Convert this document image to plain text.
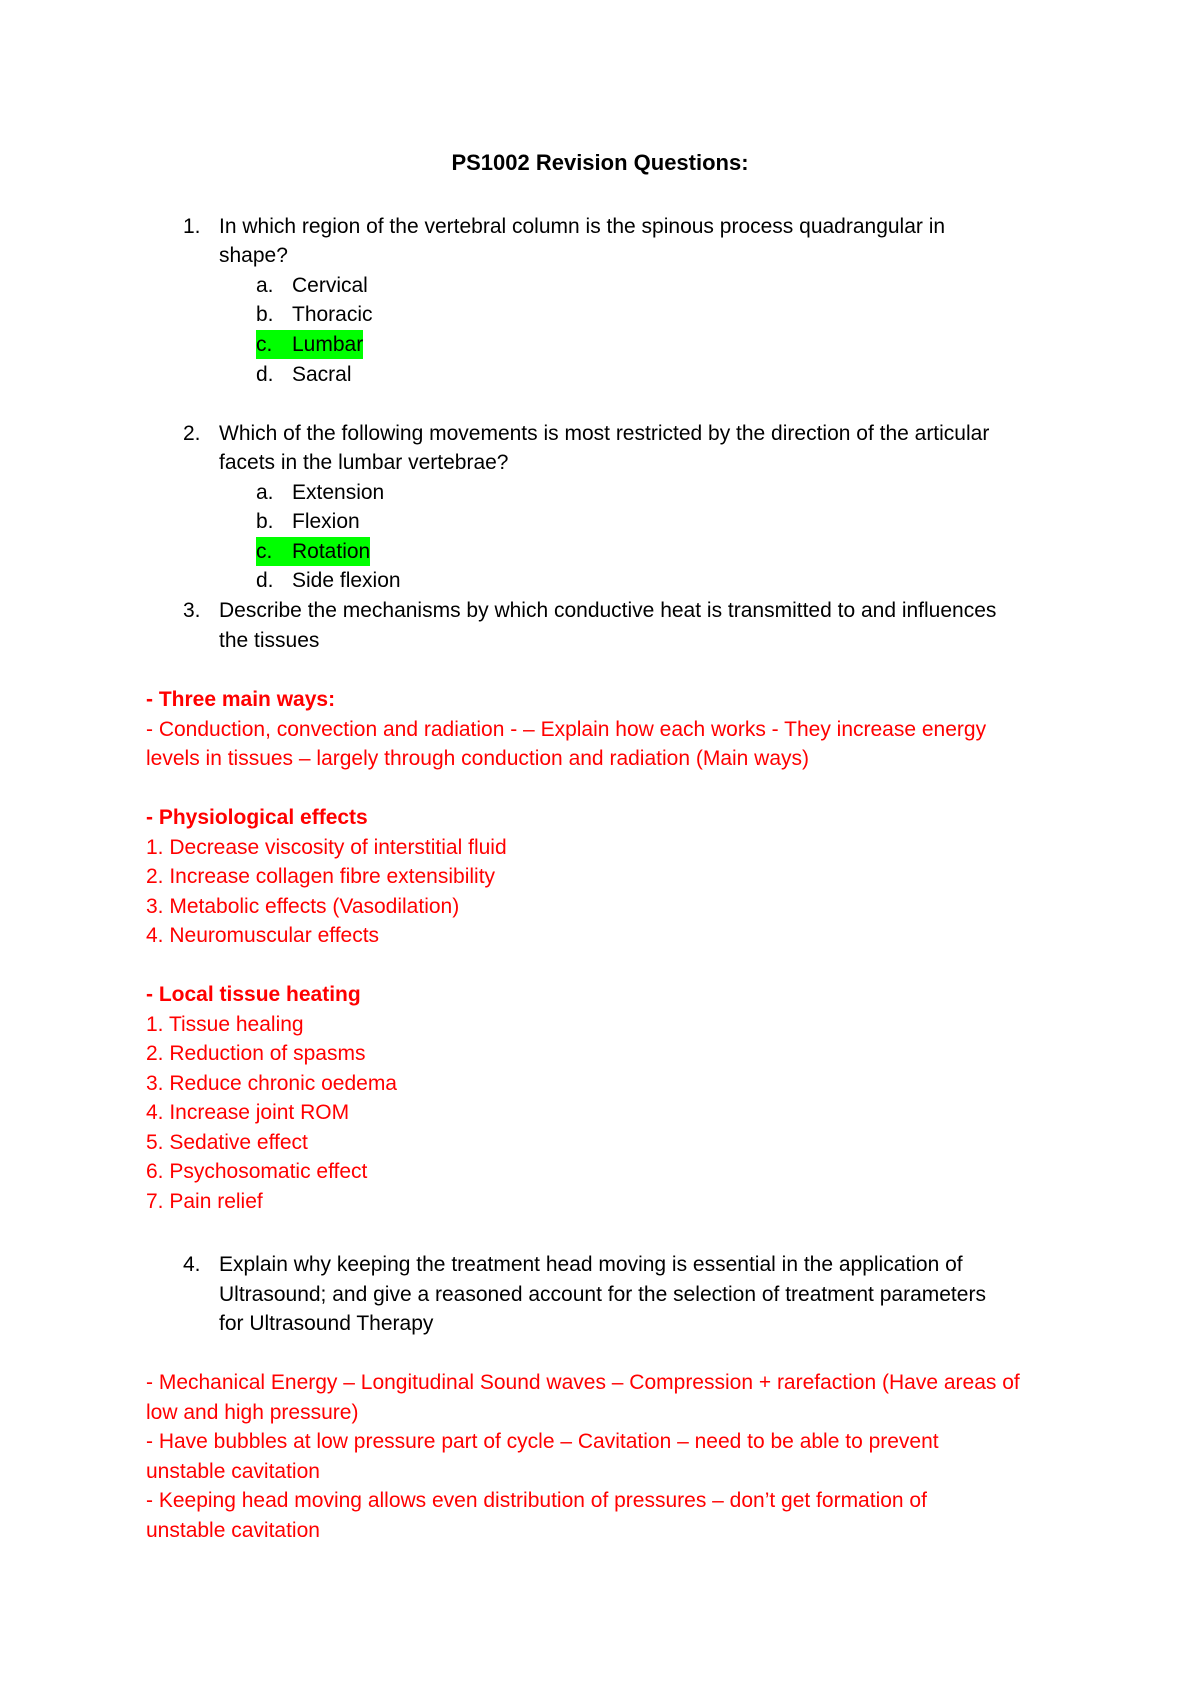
PS1002 Revision Questions:
1. In which region of the vertebral column is the spinous process quadrangular in
shape?
a. Cervical
b. Thoracic
c. Lumbar
d. Sacral
2. Which of the following movements is most restricted by the direction of the articular
facets in the lumbar vertebrae?
a. Extension
b. Flexion
c. Rotation
d. Side flexion
3. Describe the mechanisms by which conductive heat is transmitted to and influences
the tissues
- Three main ways:
- Conduction, convection and radiation - – Explain how each works - They increase energy
levels in tissues – largely through conduction and radiation (Main ways)

- Physiological effects
1. Decrease viscosity of interstitial fluid
2. Increase collagen fibre extensibility
3. Metabolic effects (Vasodilation)
4. Neuromuscular effects

- Local tissue heating
1. Tissue healing
2. Reduction of spasms
3. Reduce chronic oedema
4. Increase joint ROM
5. Sedative effect
6. Psychosomatic effect
7. Pain relief
4. Explain why keeping the treatment head moving is essential in the application of
Ultrasound; and give a reasoned account for the selection of treatment parameters
for Ultrasound Therapy
- Mechanical Energy – Longitudinal Sound waves – Compression + rarefaction (Have areas of
low and high pressure)
- Have bubbles at low pressure part of cycle – Cavitation – need to be able to prevent
unstable cavitation
- Keeping head moving allows even distribution of pressures – don’t get formation of
unstable cavitation
